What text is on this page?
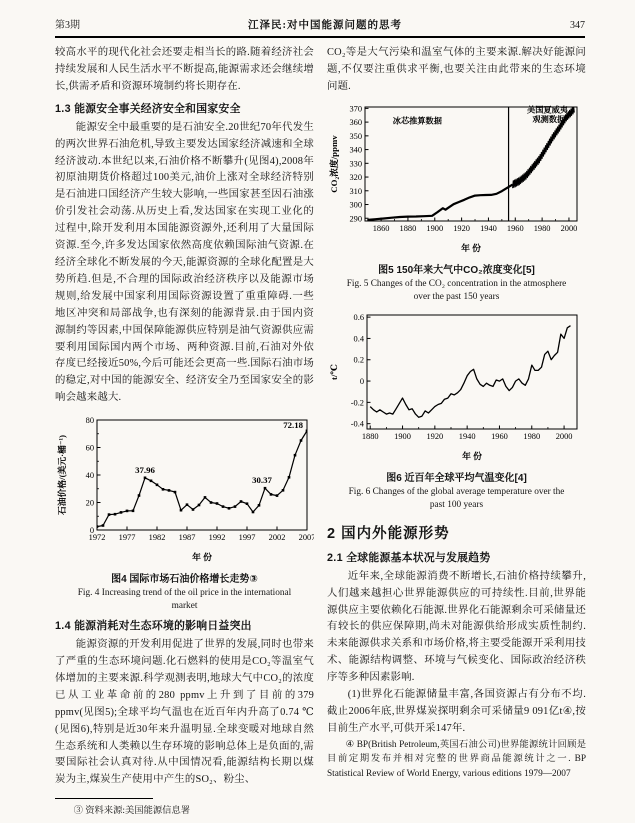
第3期	江泽民:对中国能源问题的思考	347

较高水平的现代化社会还要走相当长的路.随着经济社会持续发展和人民生活水平不断提高,能源需求还会继续增长,供需矛盾和资源环境制约将长期存在.

1.3 能源安全事关经济安全和国家安全

能源安全中最重要的是石油安全.20世纪70年代发生的两次世界石油危机,导致主要发达国家经济减速和全球经济波动.本世纪以来,石油价格不断攀升(见图4),2008年初原油期货价格超过100美元,油价上涨对全球经济特别是石油进口国经济产生较大影响,一些国家甚至因石油涨价引发社会动荡.从历史上看,发达国家在实现工业化的过程中,除开发利用本国能源资源外,还利用了大量国际资源.至今,许多发达国家依然高度依赖国际油气资源.在经济全球化不断发展的今天,能源资源的全球化配置是大势所趋.但是,不合理的国际政治经济秩序以及能源市场规则,给发展中国家利用国际资源设置了重重障碍.一些地区冲突和局部战争,也有深刻的能源背景.由于国内资源制约等因素,中国保障能源供应特别是油气资源供应需要利用国际国内两个市场、两种资源.目前,石油对外依存度已经接近50%,今后可能还会更高一些.国际石油市场的稳定,对中国的能源安全、经济安全乃至国家安全的影响会越来越大.

1972 1977 1982 1987 1992 1997 2002 2007
0
20
40
60
80
年 份
石油价格/(美元·桶⁻¹)	37.96
30.37
72.18
图4 国际市场石油价格增长走势③
Fig. 4 Increasing trend of the oil price in the international market
1.4 能源消耗对生态环境的影响日益突出

能源资源的开发利用促进了世界的发展,同时也带来了严重的生态环境问题.化石燃料的使用是CO₂等温室气体增加的主要来源.科学观测表明,地球大气中CO₂的浓度已从工业革命前的280 ppmv上升到了目前的379 ppmv(见图5);全球平均气温也在近百年内升高了0.74 ℃(见图6),特别是近30年来升温明显.全球变暖对地球自然生态系统和人类赖以生存环境的影响总体上是负面的,需要国际社会认真对待.从中国情况看,能源结构长期以煤炭为主,煤炭生产使用中产生的SO₂、粉尘、

③ 资料来源:美国能源信息署

CO₂等是大气污染和温室气体的主要来源.解决好能源问题,不仅要注重供求平衡,也要关注由此带来的生态环境问题.

1860 1880 1900 1920 1940 1960 1980 2000
290
300
310
320
330
340
350
360
370
年 份
CO₂浓度/ppmv
冰芯推算数据
美国夏威夷
观测数据
图5 150年来大气中CO₂浓度变化[5]
Fig. 5 Changes of the CO₂ concentration in the atmosphere over the past 150 years
1880 1900 1920 1940 1960 1980 2000
-0.4
-0.2
0
0.2
0.4
0.6
年 份
t/℃
图6 近百年全球平均气温变化[4]
Fig. 6 Changes of the global average temperature over the past 100 years
2 国内外能源形势
2.1 全球能源基本状况与发展趋势

近年来,全球能源消费不断增长,石油价格持续攀升,人们越来越担心世界能源供应的可持续性.目前,世界能源供应主要依赖化石能源.世界化石能源剩余可采储量还有较长的供应保障期,尚未对能源供给形成实质性制约.未来能源供求关系和市场价格,将主要受能源开采利用技术、能源结构调整、环境与气候变化、国际政治经济秩序等多种因素影响.

(1)世界化石能源储量丰富,各国资源占有分布不均.截止2006年底,世界煤炭探明剩余可采储量9 091亿t④,按目前生产水平,可供开采147年.

④ BP(British Petroleum,英国石油公司)世界能源统计回顾是目前定期发布并相对完整的世界商品能源统计之一. BP Statistical Review of World Energy, various editions 1979—2007
